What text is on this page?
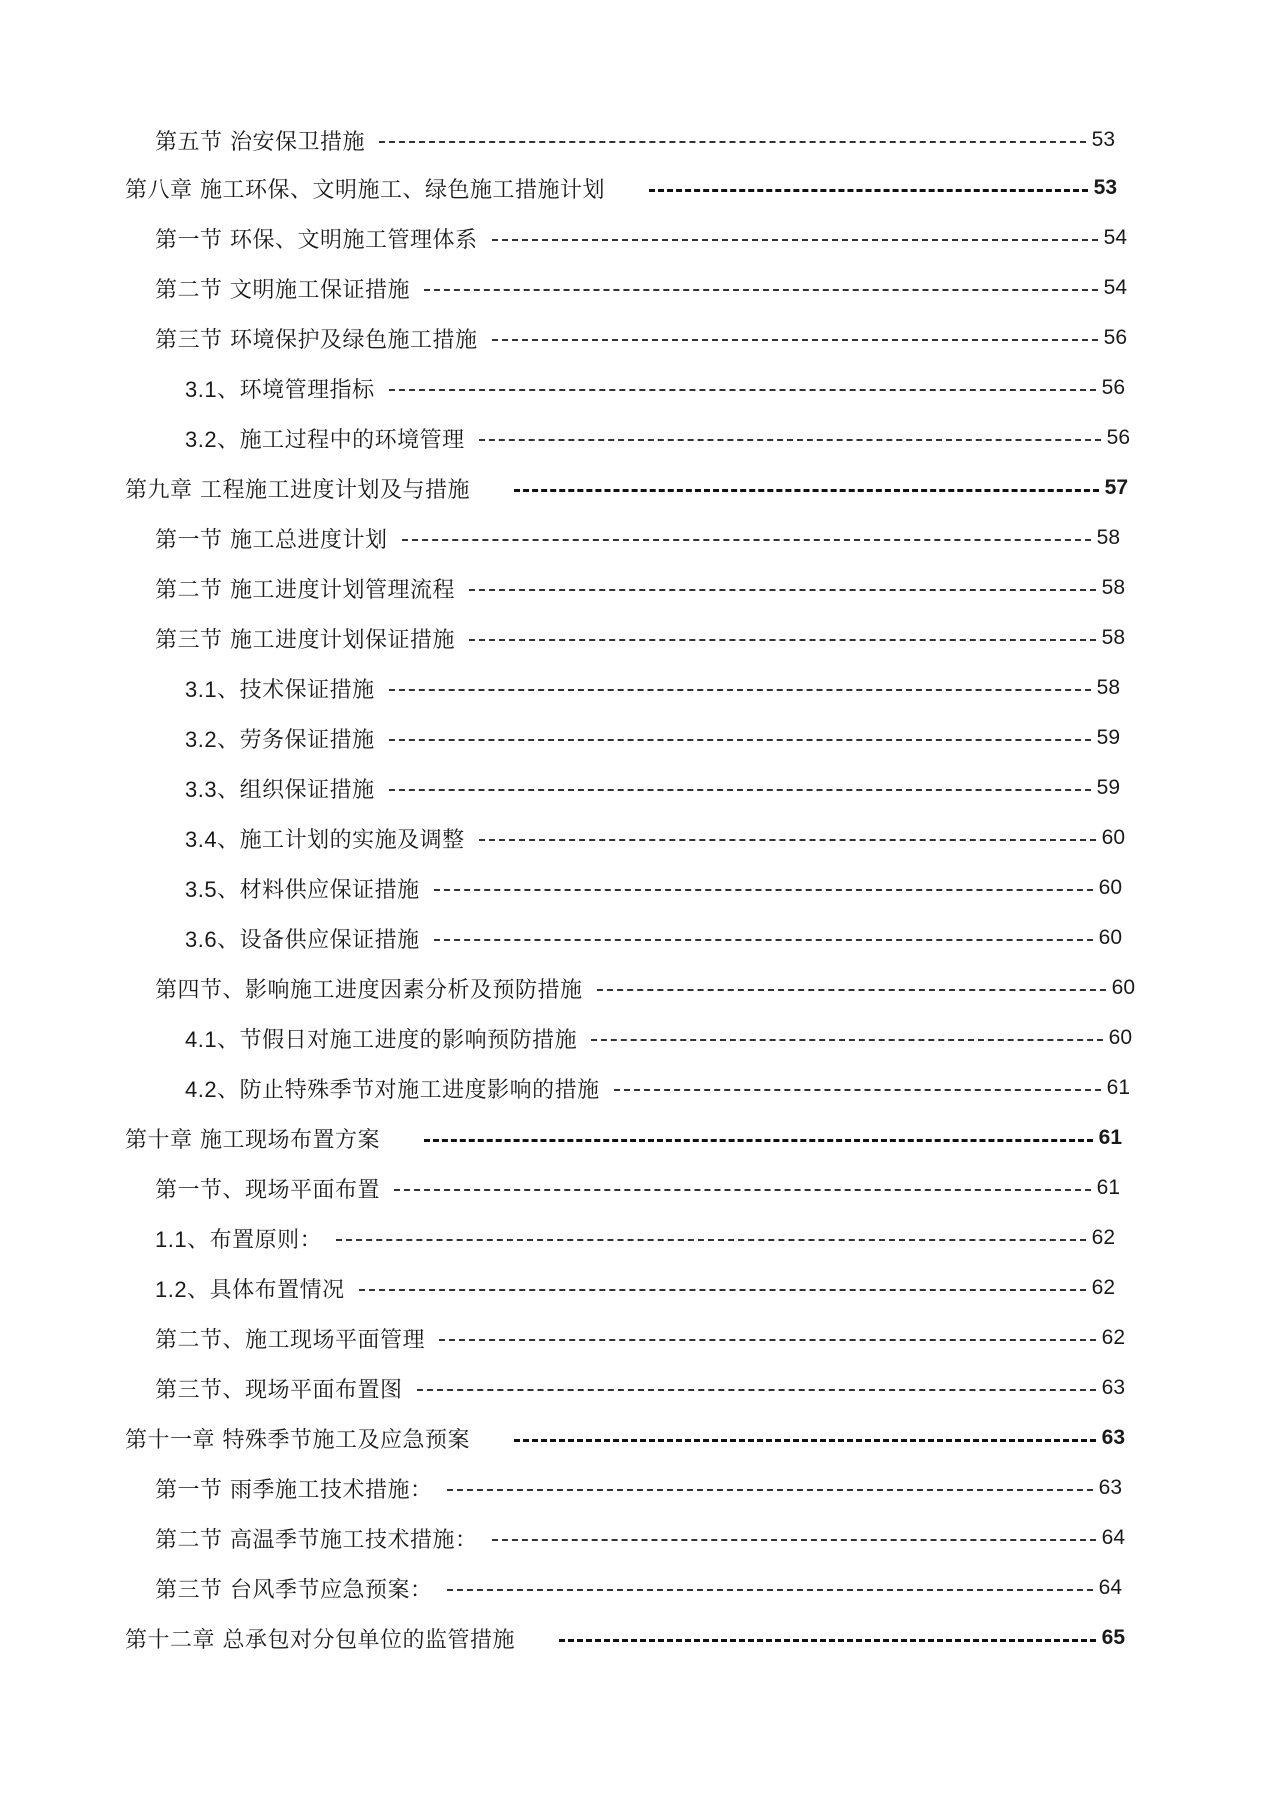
第五节 治安保卫措施	53
第八章 施工环保、文明施工、绿色施工措施计划	53
第一节 环保、文明施工管理体系	54
第二节 文明施工保证措施	54
第三节 环境保护及绿色施工措施	56
3.1、环境管理指标	56
3.2、施工过程中的环境管理	56
第九章 工程施工进度计划及与措施	57
第一节 施工总进度计划	58
第二节 施工进度计划管理流程	58
第三节 施工进度计划保证措施	58
3.1、技术保证措施	58
3.2、劳务保证措施	59
3.3、组织保证措施	59
3.4、施工计划的实施及调整	60
3.5、材料供应保证措施	60
3.6、设备供应保证措施	60
第四节、影响施工进度因素分析及预防措施	60
4.1、节假日对施工进度的影响预防措施	60
4.2、防止特殊季节对施工进度影响的措施	61
第十章 施工现场布置方案	61
第一节、现场平面布置	61
1.1、布置原则：	62
1.2、具体布置情况	62
第二节、施工现场平面管理	62
第三节、现场平面布置图	63
第十一章 特殊季节施工及应急预案	63
第一节 雨季施工技术措施：	63
第二节 高温季节施工技术措施：	64
第三节 台风季节应急预案：	64
第十二章 总承包对分包单位的监管措施	65
